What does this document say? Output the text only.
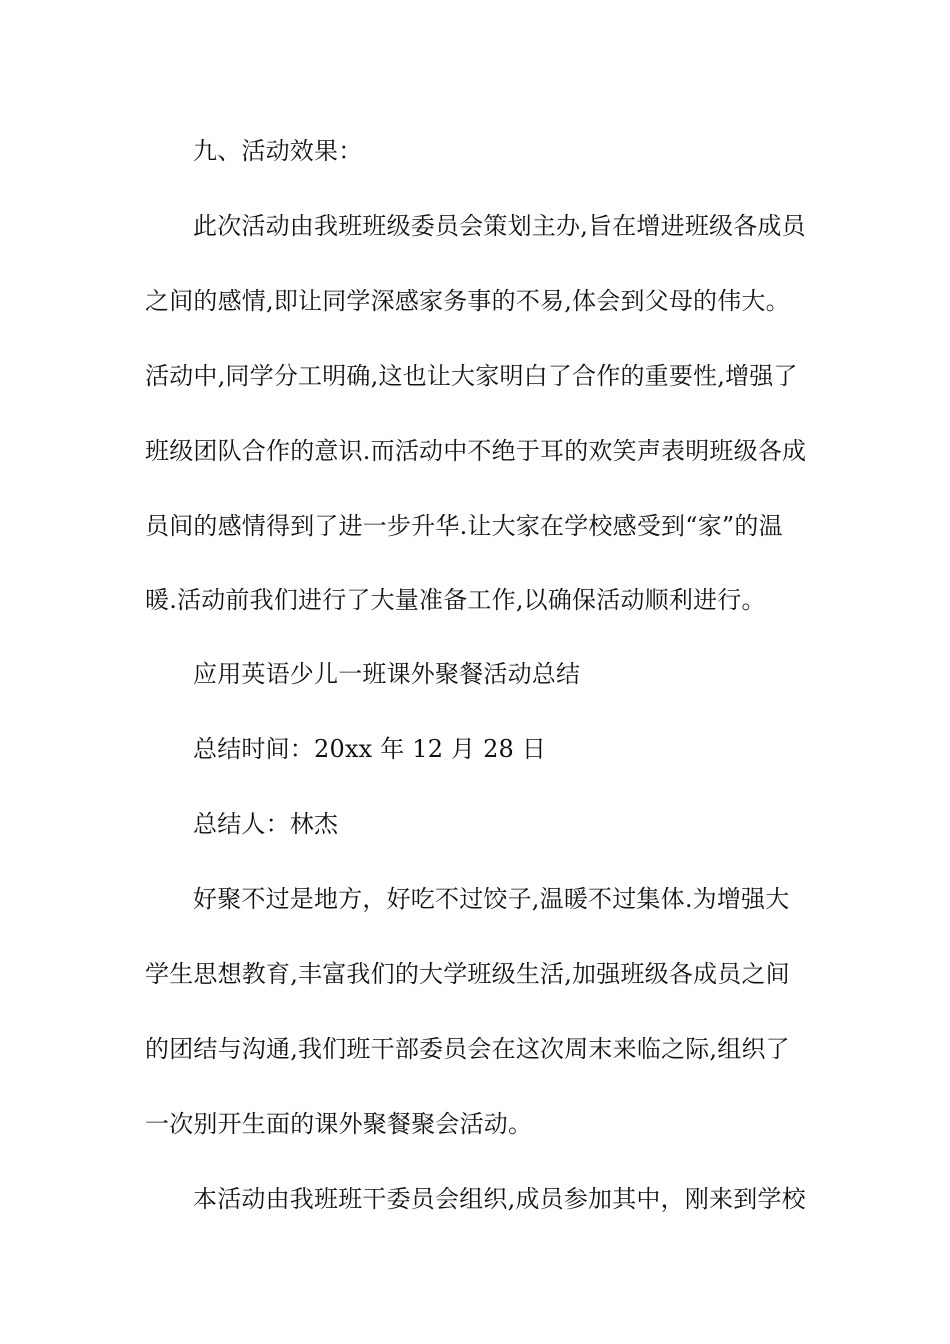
九、活动效果：
此次活动由我班班级委员会策划主办,旨在增进班级各成员
之间的感情,即让同学深感家务事的不易,体会到父母的伟大。
活动中,同学分工明确,这也让大家明白了合作的重要性,增强了
班级团队合作的意识.而活动中不绝于耳的欢笑声表明班级各成
员间的感情得到了进一步升华.让大家在学校感受到“家”的温
暖.活动前我们进行了大量准备工作,以确保活动顺利进行。
应用英语少儿一班课外聚餐活动总结
总结时间：20xx 年 12 月 28 日
总结人：林杰
好聚不过是地方，好吃不过饺子,温暖不过集体.为增强大
学生思想教育,丰富我们的大学班级生活,加强班级各成员之间
的团结与沟通,我们班干部委员会在这次周末来临之际,组织了
一次别开生面的课外聚餐聚会活动。
本活动由我班班干委员会组织,成员参加其中，刚来到学校
